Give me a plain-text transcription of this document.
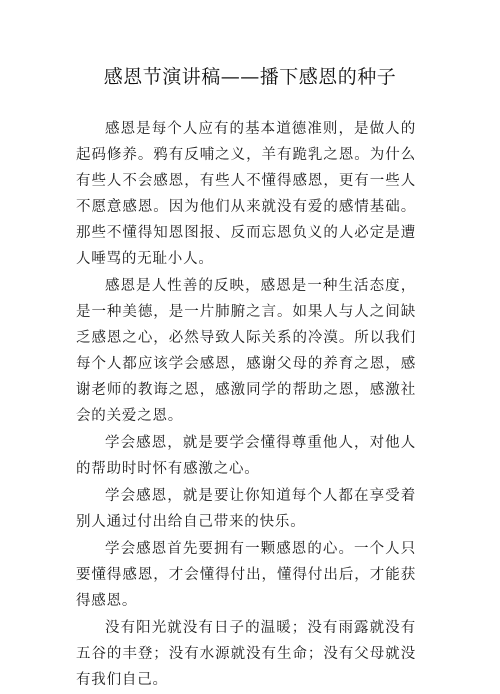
感恩节演讲稿——播下感恩的种子

感恩是每个人应有的基本道德准则，是做人的起码修养。鸦有反哺之义，羊有跪乳之恩。为什么有些人不会感恩，有些人不懂得感恩，更有一些人不愿意感恩。因为他们从来就没有爱的感情基础。那些不懂得知恩图报、反而忘恩负义的人必定是遭人唾骂的无耻小人。

感恩是人性善的反映，感恩是一种生活态度，是一种美德，是一片肺腑之言。如果人与人之间缺乏感恩之心，必然导致人际关系的冷漠。所以我们每个人都应该学会感恩，感谢父母的养育之恩，感谢老师的教诲之恩，感激同学的帮助之恩，感激社会的关爱之恩。

学会感恩，就是要学会懂得尊重他人，对他人的帮助时时怀有感激之心。

学会感恩，就是要让你知道每个人都在享受着别人通过付出给自己带来的快乐。

学会感恩首先要拥有一颗感恩的心。一个人只要懂得感恩，才会懂得付出，懂得付出后，才能获得感恩。

没有阳光就没有日子的温暖；没有雨露就没有五谷的丰登；没有水源就没有生命；没有父母就没有我们自己。
